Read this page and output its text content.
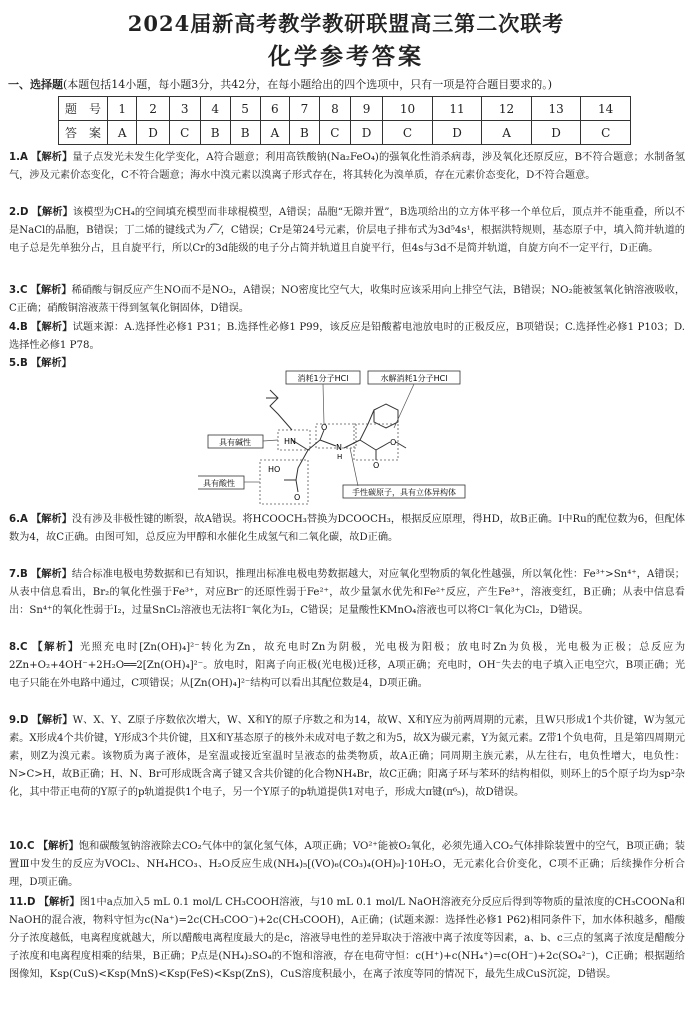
2024届新高考教学教研联盟高三第二次联考
化学参考答案
一、选择题(本题包括14小题，每小题3分，共42分，在每小题给出的四个选项中，只有一项是符合题目要求的。)
题　号	1	2	3	4	5	6	7	8	9	10	11	12	13	14
答　案	A	D	C	B	B	A	B	C	D	C	D	A	D	C
1.A 【解析】量子点发光未发生化学变化，A符合题意；利用高铁酸钠(Na₂FeO₄)的强氧化性消杀病毒，涉及氧化还原反应，B不符合题意；水制备氢气，涉及元素价态变化，C不符合题意；海水中溴元素以溴离子形式存在，将其转化为溴单质，存在元素价态变化，D不符合题意。
2.D 【解析】该模型为CH₄的空间填充模型而非球棍模型，A错误；晶胞“无隙并置”，B选项给出的立方体平移一个单位后，顶点并不能重叠，所以不是NaCl的晶胞，B错误；丁二烯的键线式为 ⁄⁀⁄，C错误；Cr是第24号元素，价层电子排布式为3d⁵4s¹，根据洪特规则，基态原子中，填入简并轨道的电子总是先单独分占，且自旋平行，所以Cr的3d能级的电子分占简并轨道且自旋平行，但4s与3d不是简并轨道，自旋方向不一定平行，D正确。
3.C 【解析】稀硝酸与铜反应产生NO而不是NO₂，A错误；NO密度比空气大，收集时应该采用向上排空气法，B错误；NO₂能被氢氧化钠溶液吸收，C正确；硝酸铜溶液蒸干得到氢氧化铜固体，D错误。
4.B 【解析】试题来源：A.选择性必修1 P31；B.选择性必修1 P99，该反应是铅酸蓄电池放电时的正极反应，B项错误；C.选择性必修1 P103；D.选择性必修1 P78。
5.B 【解析】
消耗1分子HCl	水解消耗1分子HCl
具有碱性
具有酸性
手性碳原子，具有立体异构体
HN
N
H
HO
O
O
O
O
6.A 【解析】没有涉及非极性键的断裂，故A错误。将HCOOCH₃替换为DCOOCH₃，根据反应原理，得HD，故B正确。Ⅰ中Ru的配位数为6，但配体数为4，故C正确。由图可知，总反应为甲醇和水催化生成氢气和二氧化碳，故D正确。
7.B 【解析】结合标准电极电势数据和已有知识，推理出标准电极电势数据越大，对应氧化型物质的氧化性越强，所以氧化性：Fe³⁺>Sn⁴⁺，A错误；从表中信息看出，Br₂的氧化性强于Fe³⁺，对应Br⁻的还原性弱于Fe²⁺，故少量氯水优先和Fe²⁺反应，产生Fe³⁺，溶液变红，B正确；从表中信息看出：Sn⁴⁺的氧化性弱于I₂，过量SnCl₂溶液也无法将I⁻氧化为I₂，C错误；足量酸性KMnO₄溶液也可以将Cl⁻氧化为Cl₂，D错误。
8.C 【解析】光照充电时[Zn(OH)₄]²⁻转化为Zn，故充电时Zn为阴极，光电极为阳极；放电时Zn为负极，光电极为正极；总反应为2Zn+O₂+4OH⁻+2H₂O══2[Zn(OH)₄]²⁻。放电时，阳离子向正极(光电极)迁移，A项正确；充电时，OH⁻失去的电子填入正电空穴，B项正确；光电子只能在外电路中通过，C项错误；从[Zn(OH)₄]²⁻结构可以看出其配位数是4，D项正确。
9.D 【解析】W、X、Y、Z原子序数依次增大，W、X和Y的原子序数之和为14，故W、X和Y应为前两周期的元素，且W只形成1个共价键，W为氢元素。X形成4个共价键，Y形成3个共价键，且X和Y基态原子的核外未成对电子数之和为5，故X为碳元素，Y为氮元素。Z带1个负电荷，且是第四周期元素，则Z为溴元素。该物质为离子液体，是室温或接近室温时呈液态的盐类物质，故A正确；同周期主族元素，从左往右，电负性增大，电负性：N>C>H，故B正确；H、N、Br可形成既含离子键又含共价键的化合物NH₄Br，故C正确；阳离子环与苯环的结构相似，则环上的5个原子均为sp²杂化，其中带正电荷的Y原子的p轨道提供1个电子，另一个Y原子的p轨道提供1对电子，形成大π键(π⁶₅)，故D错误。
10.C 【解析】饱和碳酸氢钠溶液除去CO₂气体中的氯化氢气体，A项正确；VO²⁺能被O₂氧化，必须先通入CO₂气体排除装置中的空气，B项正确；装置Ⅲ中发生的反应为VOCl₂、NH₄HCO₃、H₂O反应生成(NH₄)₅[(VO)₆(CO₃)₄(OH)₉]·10H₂O，无元素化合价变化，C项不正确；后续操作分析合理，D项正确。
11.D 【解析】图1中a点加入5 mL 0.1 mol/L CH₃COOH溶液，与10 mL 0.1 mol/L NaOH溶液充分反应后得到等物质的量浓度的CH₃COONa和NaOH的混合液，物料守恒为c(Na⁺)=2c(CH₃COO⁻)+2c(CH₃COOH)，A正确；(试题来源：选择性必修1 P62)相同条件下，加水体积越多，醋酸分子浓度越低，电离程度就越大，所以醋酸电离程度最大的是c，溶液导电性的差异取决于溶液中离子浓度等因素，a、b、c三点的氢离子浓度是醋酸分子浓度和电离程度相乘的结果，B正确；P点是(NH₄)₂SO₄的不饱和溶液，存在电荷守恒：c(H⁺)+c(NH₄⁺)=c(OH⁻)+2c(SO₄²⁻)，C正确；根据题给图像知，Ksp(CuS)<Ksp(MnS)<Ksp(FeS)<Ksp(ZnS)，CuS溶度积最小，在离子浓度等同的情况下，最先生成CuS沉淀，D错误。
